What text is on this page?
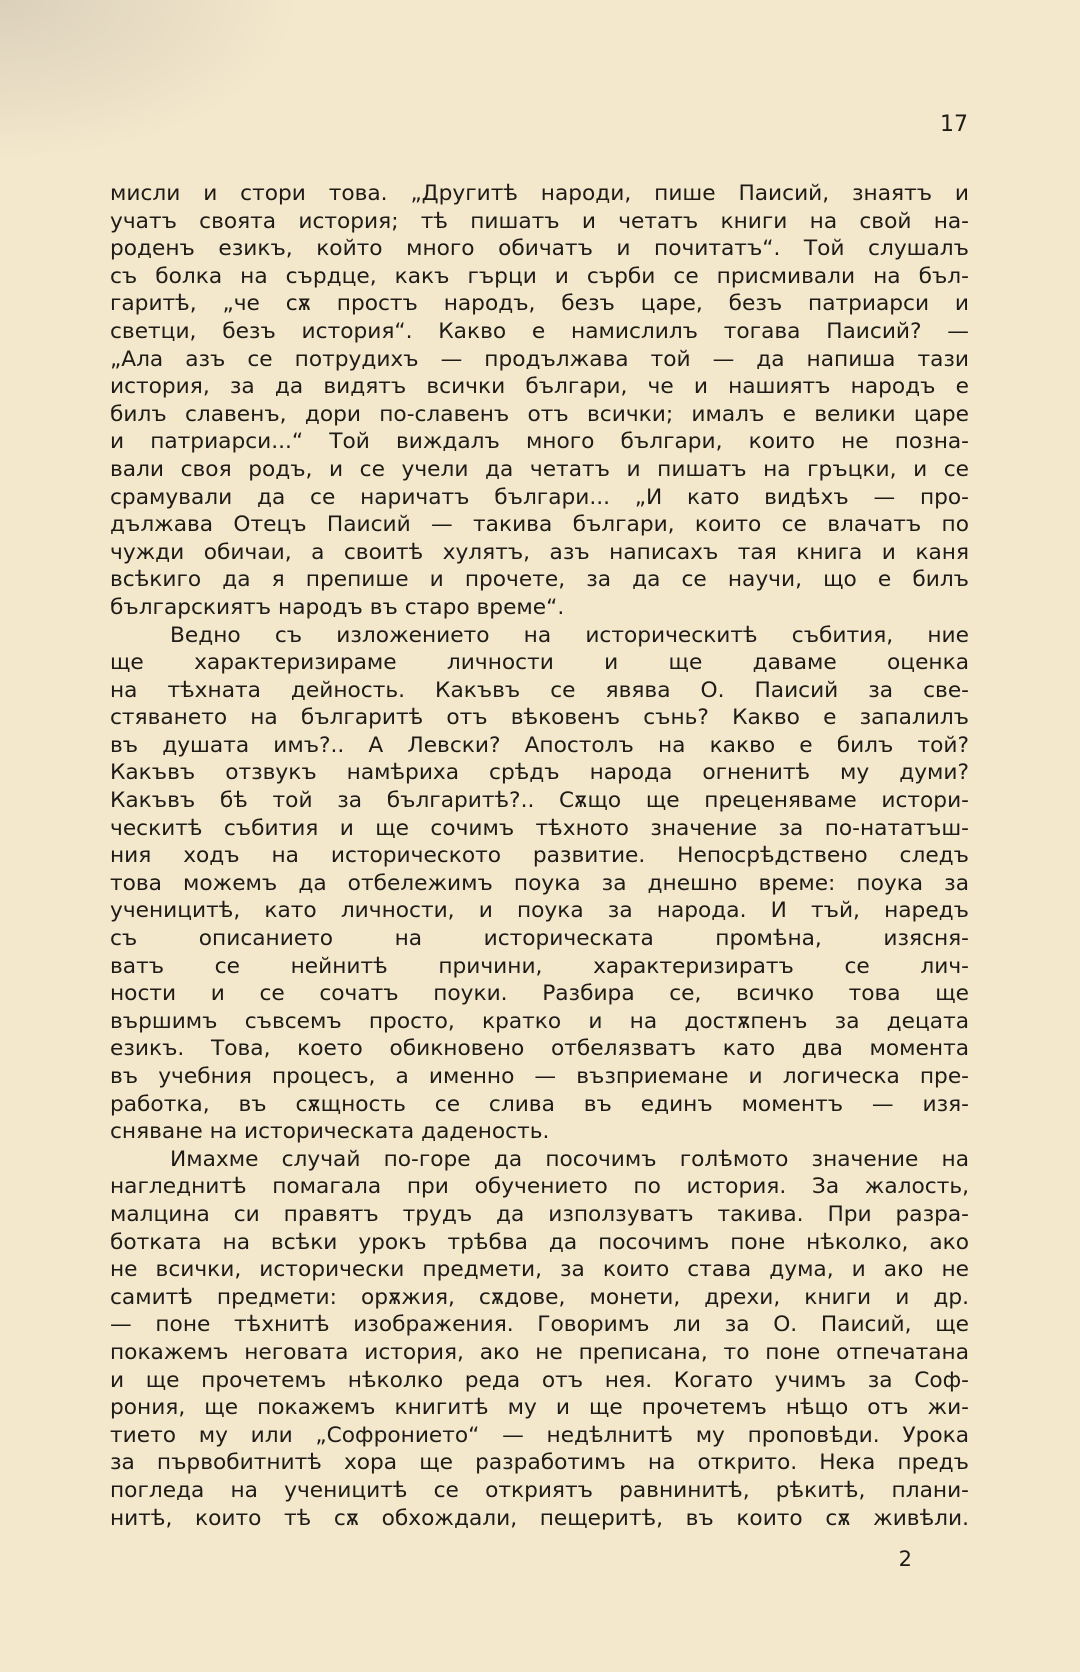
17
мисли и стори това. „Другитѣ народи, пише Паисий, знаятъ и
учатъ своята история; тѣ пишатъ и четатъ книги на свой на-
роденъ езикъ, който много обичатъ и почитатъ“. Той слушалъ
съ болка на сърдце, какъ гърци и сърби се присмивали на бъл-
гаритѣ, „че сѫ простъ народъ, безъ царе, безъ патриарси и
светци, безъ история“. Какво е намислилъ тогава Паисий? —
„Ала азъ се потрудихъ — продължава той — да напиша тази
история, за да видятъ всички българи, че и нашиятъ народъ е
билъ славенъ, дори по-славенъ отъ всички; ималъ е велики царе
и патриарси...“ Той виждалъ много българи, които не позна-
вали своя родъ, и се учели да четатъ и пишатъ на гръцки, и се
срамували да се наричатъ българи... „И като видѣхъ — про-
дължава Отецъ Паисий — такива българи, които се влачатъ по
чужди обичаи, а своитѣ хулятъ, азъ написахъ тая книга и каня
всѣкиго да я препише и прочете, за да се научи, що е билъ
българскиятъ народъ въ старо време“.
Ведно съ изложението на историческитѣ събития, ние
ще характеризираме личности и ще даваме оценка
на тѣхната дейность. Какъвъ се явява О. Паисий за све-
стяването на българитѣ отъ вѣковенъ сънь? Какво е запалилъ
въ душата имъ?.. А Левски? Апостолъ на какво е билъ той?
Какъвъ отзвукъ намѣриха срѣдъ народа огненитѣ му думи?
Какъвъ бѣ той за българитѣ?.. Сѫщо ще преценяваме истори-
ческитѣ събития и ще сочимъ тѣхното значение за по-нататъш-
ния ходъ на историческото развитие. Непосрѣдствено следъ
това можемъ да отбележимъ поука за днешно време: поука за
ученицитѣ, като личности, и поука за народа. И тъй, наредъ
съ описанието на историческата промѣна, изясня-
ватъ се нейнитѣ причини, характеризиратъ се лич-
ности и се сочатъ поуки. Разбира се, всичко това ще
вършимъ съвсемъ просто, кратко и на достѫпенъ за децата
езикъ. Това, което обикновено отбелязватъ като два момента
въ учебния процесъ, а именно — възприемане и логическа пре-
работка, въ сѫщность се слива въ единъ моментъ — изя-
сняване на историческата даденость.
Имахме случай по-горе да посочимъ голѣмото значение на
нагледнитѣ помагала при обучението по история. За жалость,
малцина си правятъ трудъ да използуватъ такива. При разра-
ботката на всѣки урокъ трѣбва да посочимъ поне нѣколко, ако
не всички, исторически предмети, за които става дума, и ако не
самитѣ предмети: орѫжия, сѫдове, монети, дрехи, книги и др.
— поне тѣхнитѣ изображения. Говоримъ ли за О. Паисий, ще
покажемъ неговата история, ако не преписана, то поне отпечатана
и ще прочетемъ нѣколко реда отъ нея. Когато учимъ за Соф-
рония, ще покажемъ книгитѣ му и ще прочетемъ нѣщо отъ жи-
тието му или „Софрониeто“ — недѣлнитѣ му проповѣди. Урока
за първобитнитѣ хора ще разработимъ на открито. Нека предъ
погледа на ученицитѣ се откриятъ равнинитѣ, рѣкитѣ, плани-
нитѣ, които тѣ сѫ обхождали, пещеритѣ, въ които сѫ живѣли.
2
